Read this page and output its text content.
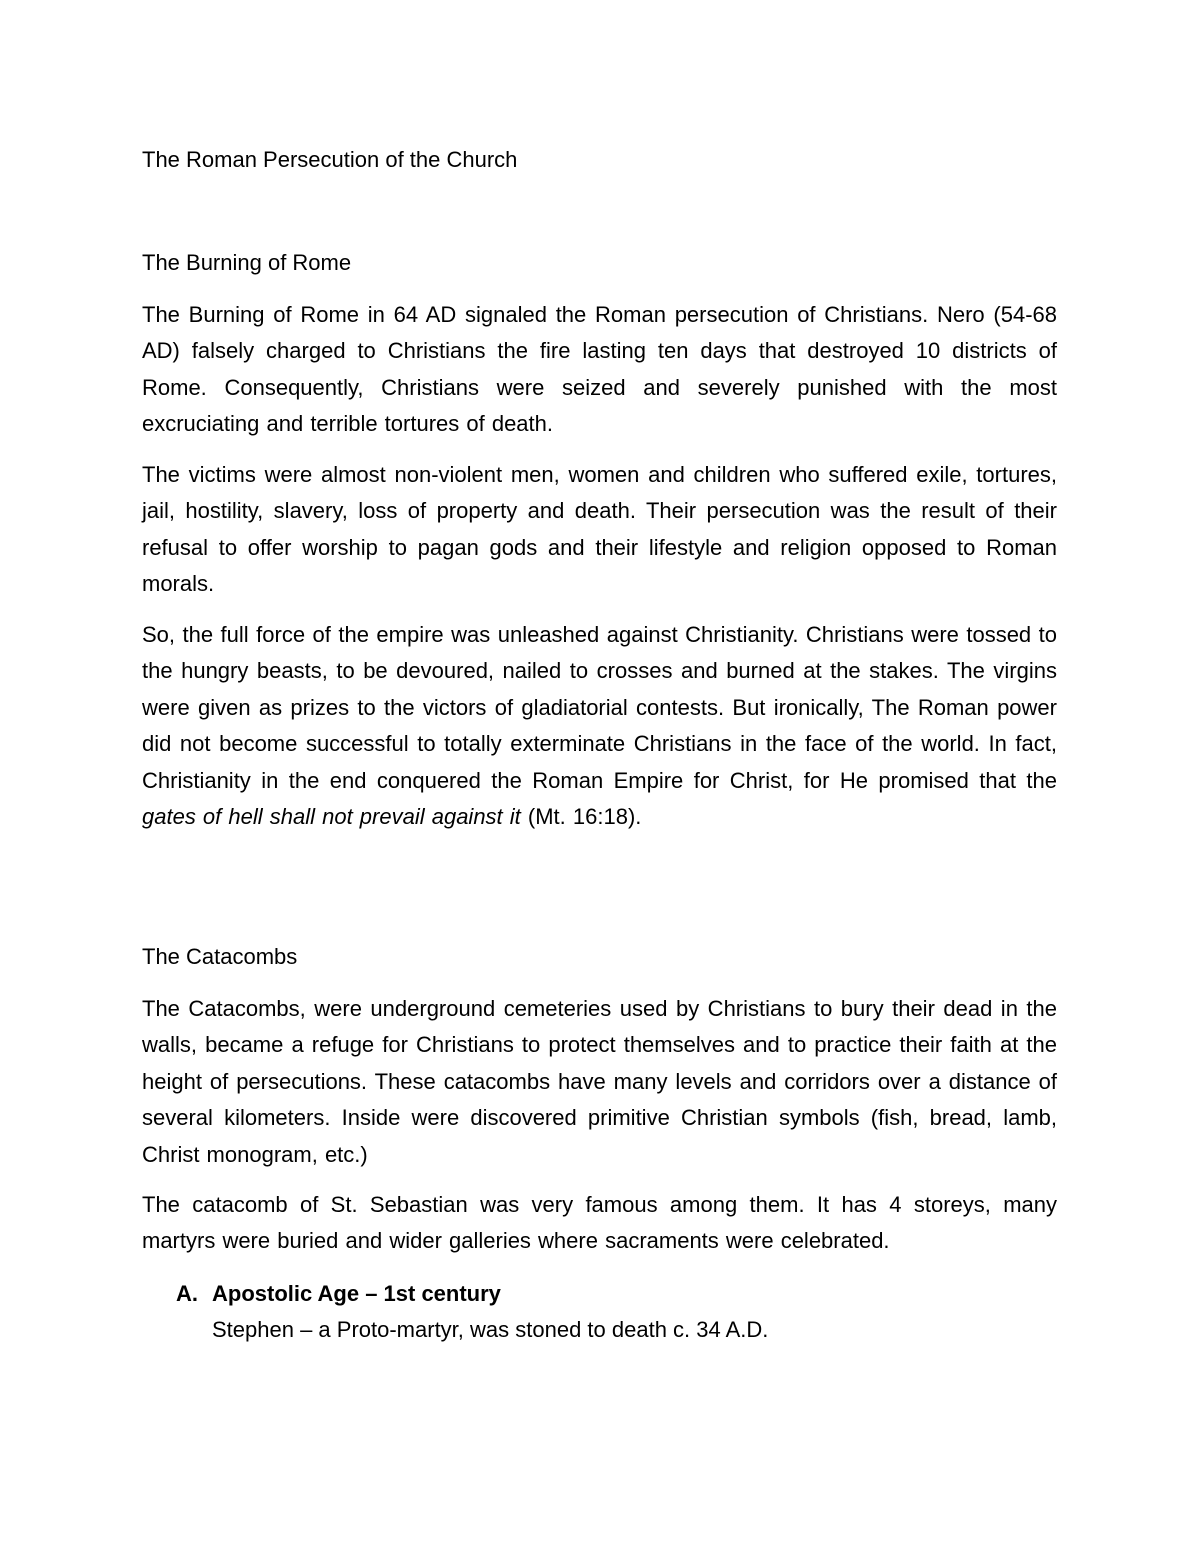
The Roman Persecution of the Church
The Burning of Rome

The Burning of Rome in 64 AD signaled the Roman persecution of Christians. Nero (54-68 AD) falsely charged to Christians the fire lasting ten days that destroyed 10 districts of Rome. Consequently, Christians were seized and severely punished with the most excruciating and terrible tortures of death.

The victims were almost non-violent men, women and children who suffered exile, tortures, jail, hostility, slavery, loss of property and death. Their persecution was the result of their refusal to offer worship to pagan gods and their lifestyle and religion opposed to Roman morals.

So, the full force of the empire was unleashed against Christianity. Christians were tossed to the hungry beasts, to be devoured, nailed to crosses and burned at the stakes. The virgins were given as prizes to the victors of gladiatorial contests. But ironically, The Roman power did not become successful to totally exterminate Christians in the face of the world. In fact, Christianity in the end conquered the Roman Empire for Christ, for He promised that the gates of hell shall not prevail against it (Mt. 16:18).

The Catacombs

The Catacombs, were underground cemeteries used by Christians to bury their dead in the walls, became a refuge for Christians to protect themselves and to practice their faith at the height of persecutions. These catacombs have many levels and corridors over a distance of several kilometers. Inside were discovered primitive Christian symbols (fish, bread, lamb, Christ monogram, etc.)

The catacomb of St. Sebastian was very famous among them. It has 4 storeys, many martyrs were buried and wider galleries where sacraments were celebrated.

A. Apostolic Age – 1st century
Stephen – a Proto-martyr, was stoned to death c. 34 A.D.
